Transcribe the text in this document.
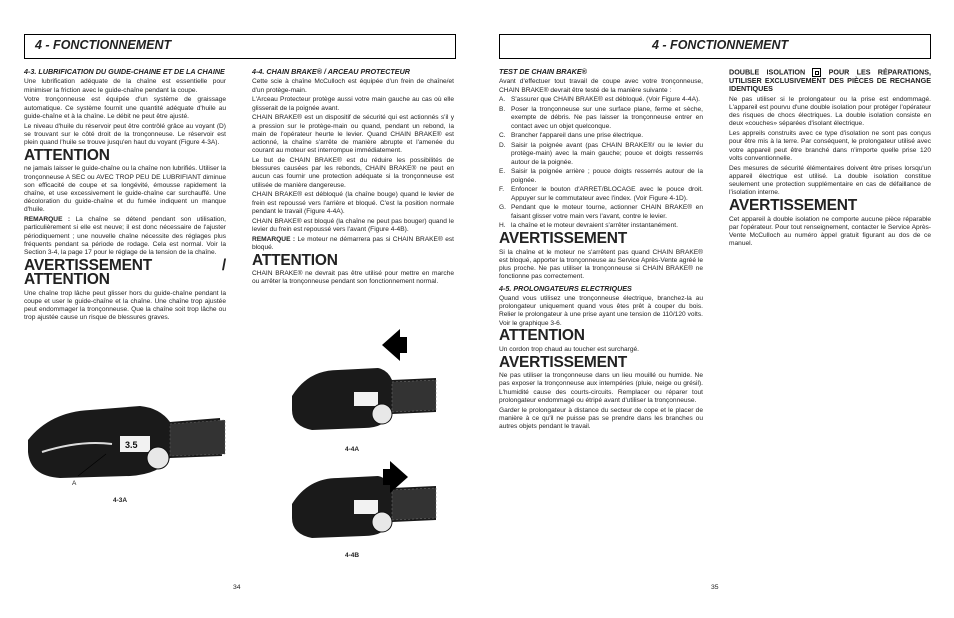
4 - FONCTIONNEMENT
4-3. LUBRIFICATION DU GUIDE-CHAINE ET DE LA CHAINE

Une lubrification adéquate de la chaîne est essentielle pour minimiser la friction avec le guide-chaîne pendant la coupe.

Votre tronçonneuse est équipée d'un système de graissage automatique. Ce système fournit une quantité adéquate d'huile au guide-chaîne et à la chaîne. Le débit ne peut être ajusté.

Le niveau d'huile du réservoir peut être contrôlé grâce au voyant (D) se trouvant sur le côté droit de la tronçonneuse. Le réservoir est plein quand l'huile se trouve jusqu'en haut du voyant (Figure 4-3A).

ATTENTION

ne jamais laisser le guide-chaîne ou la chaîne non lubrifiés. Utiliser la tronçonneuse A SEC ou AVEC TROP PEU DE LUBRIFIANT diminue son efficacité de coupe et sa longévité, émousse rapidement la chaîne, et use excessivement le guide-chaîne car surchauffé. Une décoloration du guide-chaîne et du fumée indiquent un manque d'huile.

REMARQUE : La chaîne se détend pendant son utilisation, particulièrement si elle est neuve; il est donc nécessaire de l'ajuster périodiquement ; une nouvelle chaîne nécessite des réglages plus fréquents pendant sa période de rodage. Cela est normal. Voir la Section 3-4, la page 17 pour le réglage de la tension de la chaîne.

AVERTISSEMENT / ATTENTION

Une chaîne trop lâche peut glisser hors du guide-chaîne pendant la coupe et user le guide-chaîne et la chaîne. Une chaîne trop ajustée peut endommager la tronçonneuse. Que la chaîne soit trop lâche ou trop ajustée cause un risque de blessures graves.

3.5
A
4-3A
4-4. CHAIN BRAKE® / ARCEAU PROTECTEUR

Cette scie à chaîne McCulloch est équipée d'un frein de chaîne/et d'un protège-main.

L'Arceau Protecteur protège aussi votre main gauche au cas où elle glisserait de la poignée avant.

CHAIN BRAKE® est un dispositif de sécurité qui est actionnés s'il y a pression sur le protège-main ou quand, pendant un rebond, la main de l'opérateur heurte le levier. Quand CHAIN BRAKE® est actionné, la chaîne s'arrête de manière abrupte et l'amenée du courant au moteur est interrompue immédiatement.

Le but de CHAIN BRAKE® est du réduire les possibilités de blessures causées par les rebonds, CHAIN BRAKE® ne peut en aucun cas fournir une protection adéquate si la tronçonneuse est utilisée de manière dangereuse.

CHAIN BRAKE® est débloqué (la chaîne bouge) quand le levier de frein est repoussé vers l'arrière et bloqué. C'est la position normale pendant le travail (Figure 4-4A).

CHAIN BRAKE® est bloqué (la chaîne ne peut pas bouger) quand le levier du frein est repoussé vers l'avant (Figure 4-4B).

REMARQUE : Le moteur ne démarrera pas si CHAIN BRAKE® est bloqué.

ATTENTION

CHAIN BRAKE® ne devrait pas être utilisé pour mettre en marche ou arrêter la tronçonneuse pendant son fonctionnement normal.

4-4A
4-4B
34
4 - FONCTIONNEMENT
TEST DE CHAIN BRAKE®

Avant d'effectuer tout travail de coupe avec votre tronçonneuse, CHAIN BRAKE® devrait être testé de la manière suivante :

A. S'assurer que CHAIN BRAKE® est débloqué. (Voir Figure 4-4A).

B. Poser la tronçonneuse sur une surface plane, ferme et sèche, exempte de débris. Ne pas laisser la tronçonneuse entrer en contact avec un objet quelconque.

C. Brancher l'appareil dans une prise électrique.

D. Saisir la poignée avant (pas CHAIN BRAKE®/ ou le levier du protège-main) avec la main gauche; pouce et doigts resserrés autour de la poignée.

E. Saisir la poignée arrière ; pouce doigts resserrés autour de la poignée.

F.	Enfoncer le bouton d'ARRET/BLOCAGE avec le pouce droit. Appuyer sur le commutateur avec l'index. (Voir Figure 4-1D).

G. Pendant que le moteur tourne, actionner CHAIN BRAKE® en faisant glisser votre main vers l'avant, contre le levier.

H. la chaîne et le moteur devraient s'arrêter instantanément.

AVERTISSEMENT

Si la chaîne et le moteur ne s'arrêtent pas quand CHAIN BRAKE® est bloqué, apporter la tronçonneuse au Service Après-Vente agréé le plus proche. Ne pas utiliser la tronçonneuse si CHAIN BRAKE® ne fonctionne pas correctement.

4-5. PROLONGATEURS ELECTRIQUES

Quand vous utilisez une tronçonneuse électrique, branchez-la au prolongateur uniquement quand vous êtes prêt à couper du bois. Relier le prolongateur à une prise ayant une tension de 110/120 volts. Voir le graphique 3-6.

ATTENTION

Un cordon trop chaud au toucher est surchargé.

AVERTISSEMENT

Ne pas utiliser la tronçonneuse dans un lieu mouillé ou humide. Ne pas exposer la tronçonneuse aux intempéries (pluie, neige ou grésil). L'humidité cause des courts-circuits. Remplacer ou réparer tout prolongateur endommagé ou étripé avant d'utiliser la tronçonneuse.

Garder le prolongateur à distance du secteur de cope et le placer de manière à ce qu'il ne puisse pas se prendre dans les branches ou autres objets pendant le travail.

DOUBLE ISOLATION	POUR LES RÉPARATIONS, UTILISER EXCLUSIVEMENT DES PIÈCES DE RECHANGE IDENTIQUES

Ne pas utiliser si le prolongateur ou la prise est endommagé. L'appareil est pourvu d'une double isolation pour protéger l'opérateur des risques de chocs électriques. La double isolation consiste en deux «couches» séparées d'isolant électrique.

Les appreils construits avec ce type d'isolation ne sont pas conçus pour être mis à la terre. Par conséquent, le prolongateur utilisé avec votre appareil peut être branché dans n'importe quelle prise 120 volts conventionnelle.

Des mesures de sécurité élémentaires doivent être prises lorsqu'un appareil électrique est utilisé. La double isolation constitue seulement une protection supplémentaire en cas de défaillance de l'isolation interne.

AVERTISSEMENT

Cet appareil à double isolation ne comporte aucune pièce réparable par l'opérateur. Pour tout renseignement, contacter le Service Après-Vente McCulloch au numéro àppel gratuit figurant au dos de ce manuel.

35
